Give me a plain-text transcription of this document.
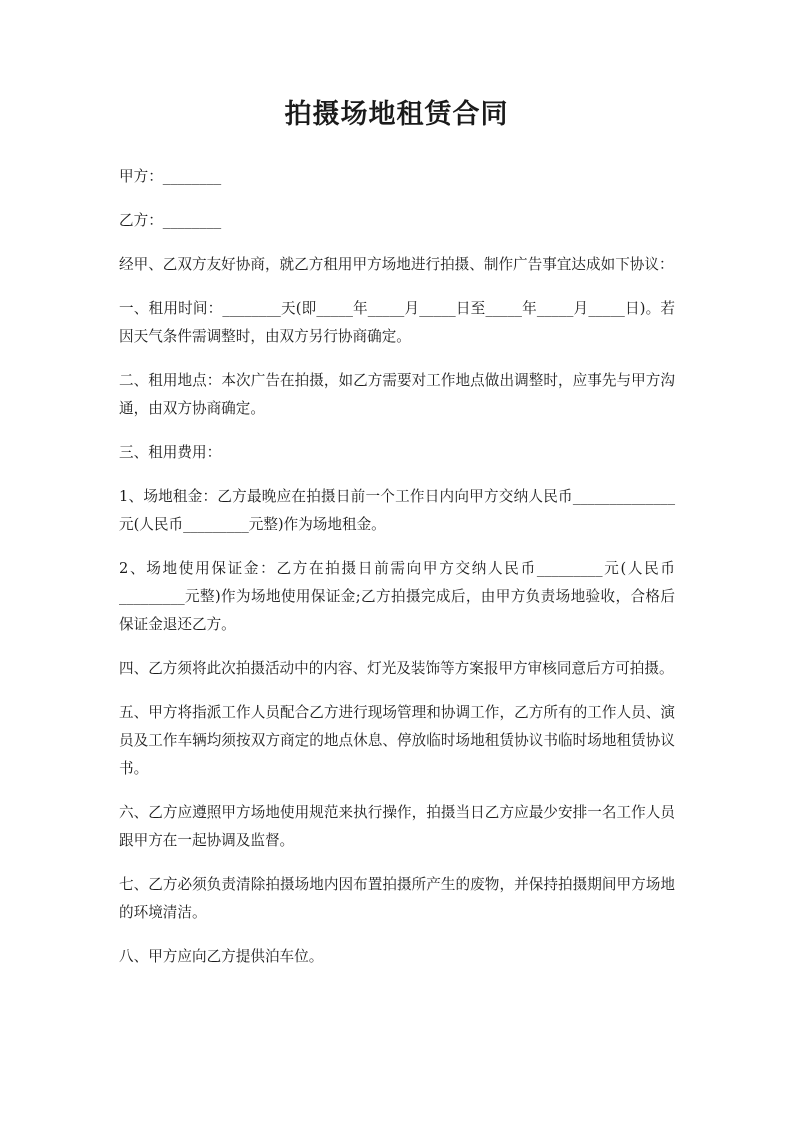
拍摄场地租赁合同

甲方：________

乙方：________

经甲、乙双方友好协商，就乙方租用甲方场地进行拍摄、制作广告事宜达成如下协议：

一、租用时间：________天(即_____年_____月_____日至_____年_____月_____日)。若因天气条件需调整时，由双方另行协商确定。

二、租用地点：本次广告在拍摄，如乙方需要对工作地点做出调整时，应事先与甲方沟通，由双方协商确定。

三、租用费用：

1、场地租金：乙方最晚应在拍摄日前一个工作日内向甲方交纳人民币______________元(人民币_________元整)作为场地租金。

2、场地使用保证金：乙方在拍摄日前需向甲方交纳人民币_________元(人民币_________元整)作为场地使用保证金;乙方拍摄完成后，由甲方负责场地验收，合格后保证金退还乙方。

四、乙方须将此次拍摄活动中的内容、灯光及装饰等方案报甲方审核同意后方可拍摄。

五、甲方将指派工作人员配合乙方进行现场管理和协调工作，乙方所有的工作人员、演员及工作车辆均须按双方商定的地点休息、停放临时场地租赁协议书临时场地租赁协议书。

六、乙方应遵照甲方场地使用规范来执行操作，拍摄当日乙方应最少安排一名工作人员跟甲方在一起协调及监督。

七、乙方必须负责清除拍摄场地内因布置拍摄所产生的废物，并保持拍摄期间甲方场地的环境清洁。

八、甲方应向乙方提供泊车位。
